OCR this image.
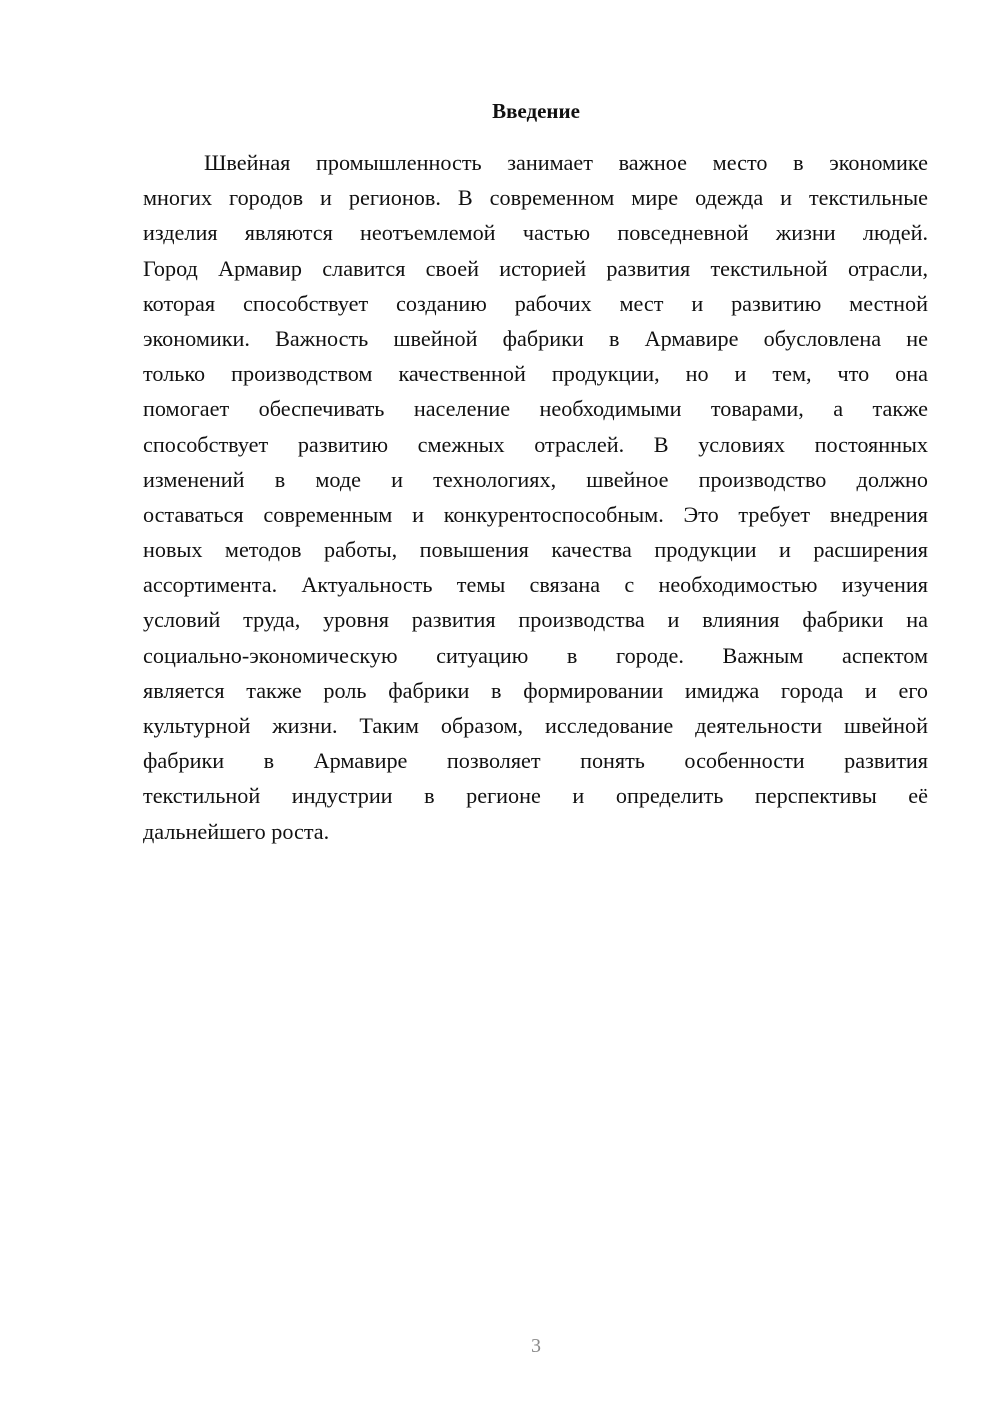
Введение
Швейная промышленность занимает важное место в экономике
многих городов и регионов. В современном мире одежда и текстильные
изделия являются неотъемлемой частью повседневной жизни людей.
Город Армавир славится своей историей развития текстильной отрасли,
которая способствует созданию рабочих мест и развитию местной
экономики. Важность швейной фабрики в Армавире обусловлена не
только производством качественной продукции, но и тем, что она
помогает обеспечивать население необходимыми товарами, а также
способствует развитию смежных отраслей. В условиях постоянных
изменений в моде и технологиях, швейное производство должно
оставаться современным и конкурентоспособным. Это требует внедрения
новых методов работы, повышения качества продукции и расширения
ассортимента. Актуальность темы связана с необходимостью изучения
условий труда, уровня развития производства и влияния фабрики на
социально-экономическую ситуацию в городе. Важным аспектом
является также роль фабрики в формировании имиджа города и его
культурной жизни. Таким образом, исследование деятельности швейной
фабрики в Армавире позволяет понять особенности развития
текстильной индустрии в регионе и определить перспективы её
дальнейшего роста.
3
